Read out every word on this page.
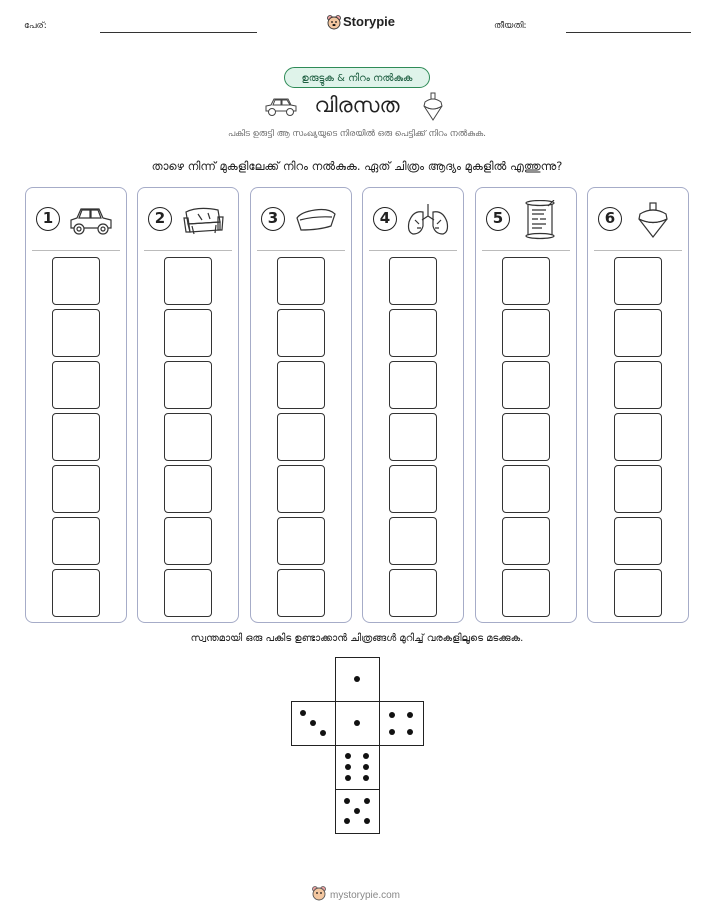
പേര്:	Storypie	തീയതി:
ഉരുട്ടുക & നിറം നൽകുക
വിരസത
പകിട ഉരുട്ടി ആ സംഖ്യയുടെ നിരയിൽ ഒരു പെട്ടിക്ക് നിറം നൽകുക.
താഴെ നിന്ന് മുകളിലേക്ക് നിറം നൽകുക. ഏത് ചിത്രം ആദ്യം മുകളിൽ എത്തുന്നു?
1	2	3	4	5	6
സ്വന്തമായി ഒരു പകിട ഉണ്ടാക്കാൻ ചിത്രങ്ങൾ മുറിച്ച് വരകളിലൂടെ മടക്കുക.
mystorypie.com
